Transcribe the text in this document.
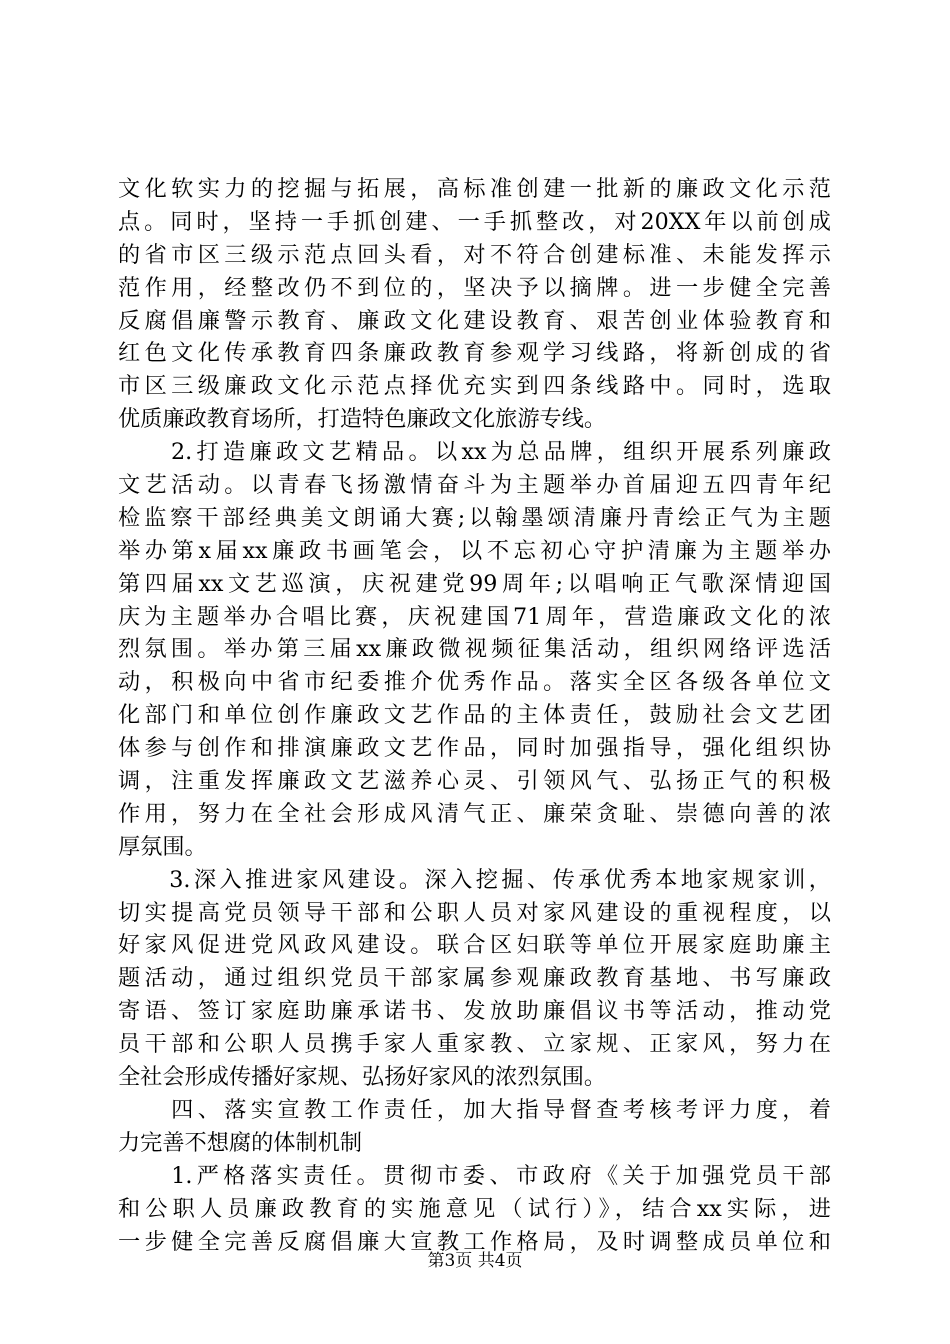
文化软实力的挖掘与拓展，高标准创建一批新的廉政文化示范
点。同时，坚持一手抓创建、一手抓整改，对20XX年以前创成
的省市区三级示范点回头看，对不符合创建标准、未能发挥示
范作用，经整改仍不到位的，坚决予以摘牌。进一步健全完善
反腐倡廉警示教育、廉政文化建设教育、艰苦创业体验教育和
红色文化传承教育四条廉政教育参观学习线路，将新创成的省
市区三级廉政文化示范点择优充实到四条线路中。同时，选取
优质廉政教育场所，打造特色廉政文化旅游专线。
　　2.打造廉政文艺精品。以xx为总品牌，组织开展系列廉政
文艺活动。以青春飞扬激情奋斗为主题举办首届迎五四青年纪
检监察干部经典美文朗诵大赛;以翰墨颂清廉丹青绘正气为主题
举办第x届xx廉政书画笔会，以不忘初心守护清廉为主题举办
第四届xx文艺巡演，庆祝建党99周年;以唱响正气歌深情迎国
庆为主题举办合唱比赛，庆祝建国71周年，营造廉政文化的浓
烈氛围。举办第三届xx廉政微视频征集活动，组织网络评选活
动，积极向中省市纪委推介优秀作品。落实全区各级各单位文
化部门和单位创作廉政文艺作品的主体责任，鼓励社会文艺团
体参与创作和排演廉政文艺作品，同时加强指导，强化组织协
调，注重发挥廉政文艺滋养心灵、引领风气、弘扬正气的积极
作用，努力在全社会形成风清气正、廉荣贪耻、崇德向善的浓
厚氛围。
　　3.深入推进家风建设。深入挖掘、传承优秀本地家规家训，
切实提高党员领导干部和公职人员对家风建设的重视程度，以
好家风促进党风政风建设。联合区妇联等单位开展家庭助廉主
题活动，通过组织党员干部家属参观廉政教育基地、书写廉政
寄语、签订家庭助廉承诺书、发放助廉倡议书等活动，推动党
员干部和公职人员携手家人重家教、立家规、正家风，努力在
全社会形成传播好家规、弘扬好家风的浓烈氛围。
　　四、落实宣教工作责任，加大指导督查考核考评力度，着
力完善不想腐的体制机制
　　1.严格落实责任。贯彻市委、市政府《关于加强党员干部
和公职人员廉政教育的实施意见（试行）》，结合xx实际，进
一步健全完善反腐倡廉大宣教工作格局，及时调整成员单位和
第3页 共4页
